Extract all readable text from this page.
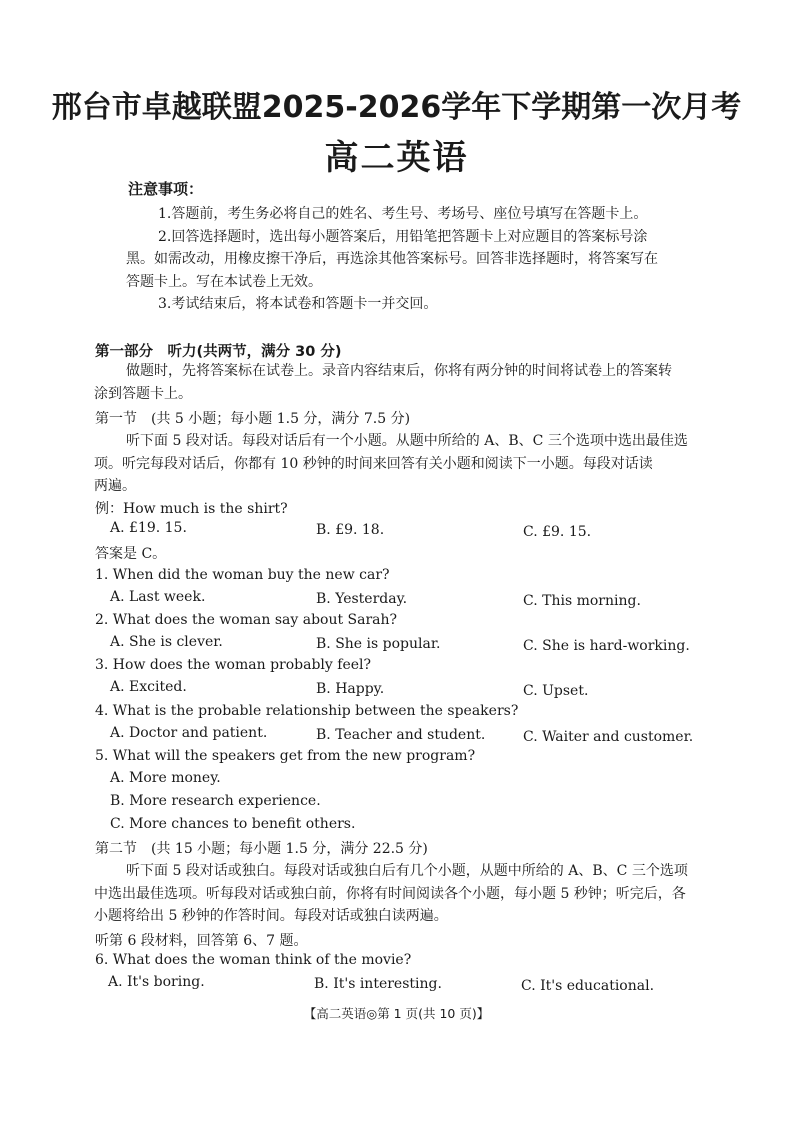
邢台市卓越联盟2025-2026学年下学期第一次月考
高二英语
注意事项：

1.答题前，考生务必将自己的姓名、考生号、考场号、座位号填写在答题卡上。

2.回答选择题时，选出每小题答案后，用铅笔把答题卡上对应题目的答案标号涂

黑。如需改动，用橡皮擦干净后，再选涂其他答案标号。回答非选择题时，将答案写在

答题卡上。写在本试卷上无效。

3.考试结束后，将本试卷和答题卡一并交回。

第一部分　听力(共两节，满分 30 分)

做题时，先将答案标在试卷上。录音内容结束后，你将有两分钟的时间将试卷上的答案转

涂到答题卡上。

第一节　(共 5 小题；每小题 1.5 分，满分 7.5 分)

听下面 5 段对话。每段对话后有一个小题。从题中所给的 A、B、C 三个选项中选出最佳选

项。听完每段对话后，你都有 10 秒钟的时间来回答有关小题和阅读下一小题。每段对话读

两遍。

例：How much is the shirt?
A. £19. 15.	B. £9. 18.	C. £9. 15.
答案是 C。
1. When did the woman buy the new car?
A. Last week.	B. Yesterday.	C. This morning.
2. What does the woman say about Sarah?
A. She is clever.	B. She is popular.	C. She is hard-working.
3. How does the woman probably feel?
A. Excited.	B. Happy.	C. Upset.
4. What is the probable relationship between the speakers?
A. Doctor and patient.	B. Teacher and student.	C. Waiter and customer.
5. What will the speakers get from the new program?
A. More money.
B. More research experience.
C. More chances to benefit others.
第二节　(共 15 小题；每小题 1.5 分，满分 22.5 分)

听下面 5 段对话或独白。每段对话或独白后有几个小题，从题中所给的 A、B、C 三个选项

中选出最佳选项。听每段对话或独白前，你将有时间阅读各个小题，每小题 5 秒钟；听完后，各

小题将给出 5 秒钟的作答时间。每段对话或独白读两遍。

听第 6 段材料，回答第 6、7 题。
6. What does the woman think of the movie?
A. It's boring.	B. It's interesting.	C. It's educational.
【高二英语◎第 1 页(共 10 页)】
